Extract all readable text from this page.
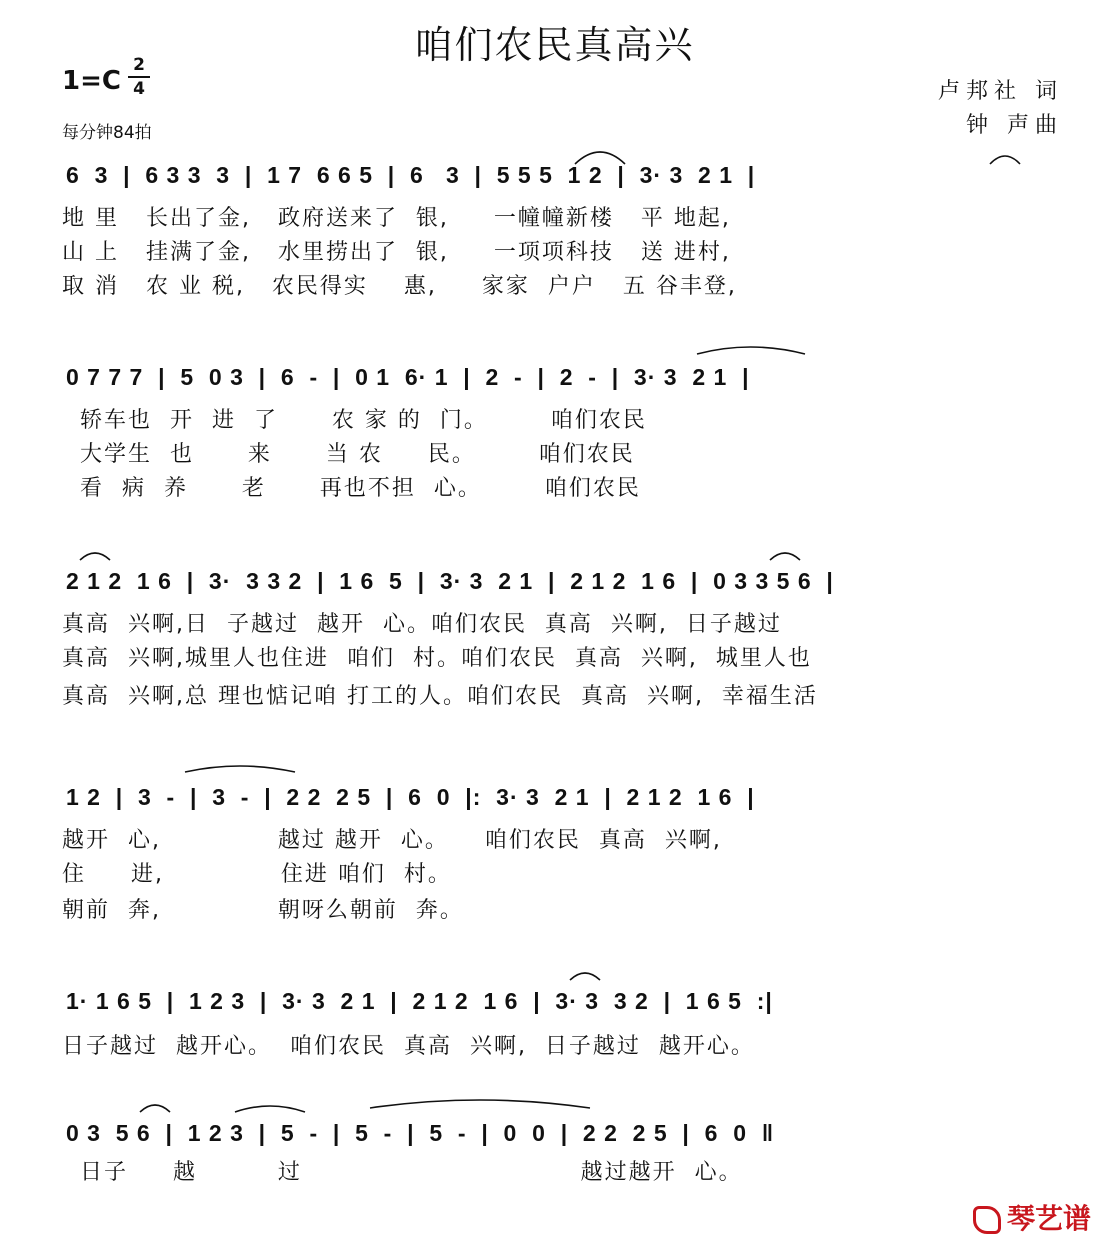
咱们农民真高兴
1=C
2
4
每分钟84拍
卢邦社 词
钟 声曲
6  3  |  6 3 3  3  |  1 7  6 6 5  |  6   3  |  5 5 5  1 2  |  3· 3  2 1  |
地 里   长出了金,   政府送来了  银,     一幢幢新楼   平 地起,
山 上   挂满了金,   水里捞出了  银,     一项项科技   送 进村,
取 消   农 业 税,   农民得实    惠,     家家  户户   五 谷丰登,
0 7 7 7  |  5  0 3  |  6  -  |  0 1  6· 1  |  2  -  |  2  -  |  3· 3  2 1  |
轿车也  开  进  了      农 家 的  门。       咱们农民
大学生  也      来      当 农     民。       咱们农民
看  病  养      老      再也不担  心。       咱们农民
2 1 2  1 6  |  3·  3 3 2  |  1 6  5  |  3· 3  2 1  |  2 1 2  1 6  |  0 3 3 5 6  |
真高  兴啊,日  子越过  越开  心。咱们农民  真高  兴啊,  日子越过
真高  兴啊,城里人也住进  咱们  村。咱们农民  真高  兴啊,  城里人也
真高  兴啊,总 理也惦记咱 打工的人。咱们农民  真高  兴啊,  幸福生活
1 2  |  3  -  |  3  -  |  2 2  2 5  |  6  0  |:  3· 3  2 1  |  2 1 2  1 6  |
越开  心,             越过 越开  心。    咱们农民  真高  兴啊,
住     进,             住进 咱们  村。
朝前  奔,             朝呀么朝前  奔。
1· 1 6 5  |  1 2 3  |  3· 3  2 1  |  2 1 2  1 6  |  3· 3  3 2  |  1 6 5  :|
日子越过  越开心。  咱们农民  真高  兴啊,  日子越过  越开心。
0 3  5 6  |  1 2 3  |  5  -  |  5  -  |  5  -  |  0  0  |  2 2  2 5  |  6  0  ‖
日子     越         过                               越过越开  心。
琴艺谱
